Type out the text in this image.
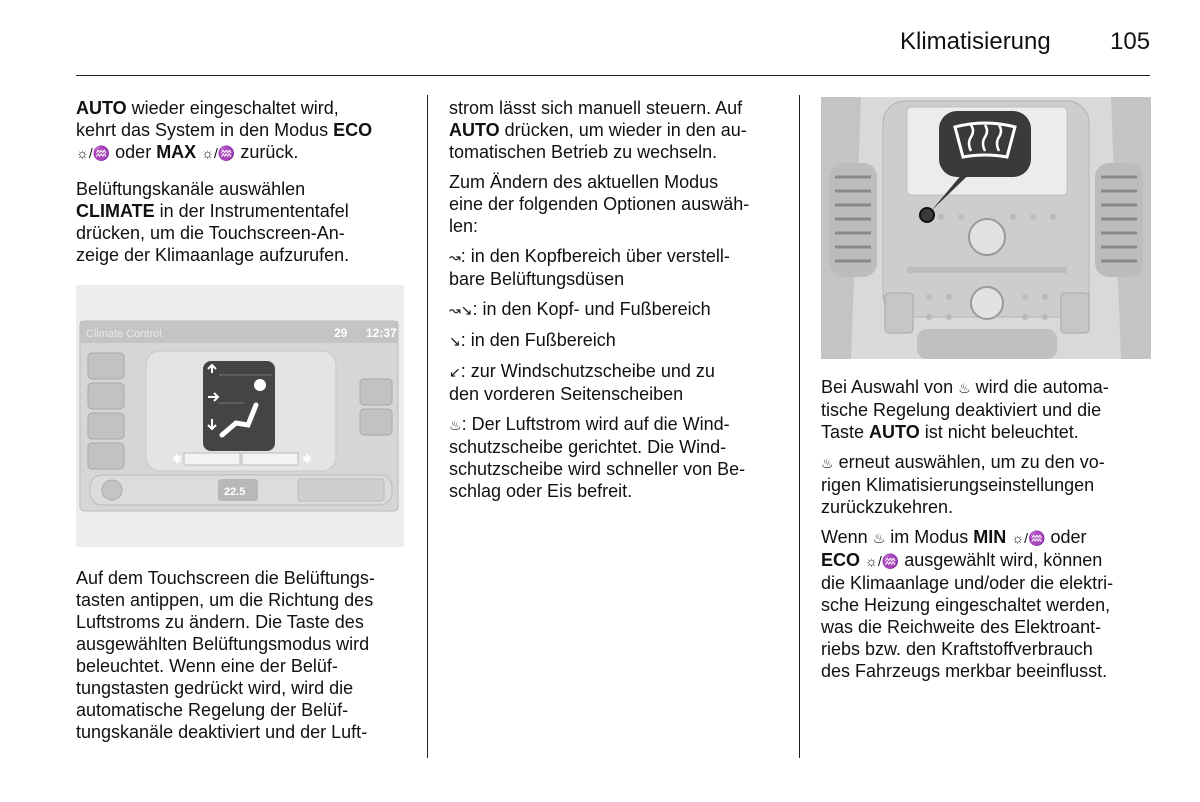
Klimatisierung 105

AUTO wieder eingeschaltet wird,
kehrt das System in den Modus ECO
☼/♒ oder MAX ☼/♒ zurück.

Belüftungskanäle auswählen

CLIMATE in der Instrumententafel
drücken, um die Touchscreen-An-
zeige der Klimaanlage aufzurufen.

Climate Control	29 12:37
✱	✱
22.5

Auf dem Touchscreen die Belüftungs-
tasten antippen, um die Richtung des
Luftstroms zu ändern. Die Taste des
ausgewählten Belüftungsmodus wird
beleuchtet. Wenn eine der Belüf-
tungstasten gedrückt wird, wird die
automatische Regelung der Belüf-
tungskanäle deaktiviert und der Luft-

strom lässt sich manuell steuern. Auf
AUTO drücken, um wieder in den au-
tomatischen Betrieb zu wechseln.

Zum Ändern des aktuellen Modus
eine der folgenden Optionen auswäh-
len:

↝: in den Kopfbereich über verstell-
bare Belüftungsdüsen

↝↘: in den Kopf- und Fußbereich

↘: in den Fußbereich

↙: zur Windschutzscheibe und zu
den vorderen Seitenscheiben

♨: Der Luftstrom wird auf die Wind-
schutzscheibe gerichtet. Die Wind-
schutzscheibe wird schneller von Be-
schlag oder Eis befreit.

Bei Auswahl von ♨ wird die automa-
tische Regelung deaktiviert und die
Taste AUTO ist nicht beleuchtet.

♨ erneut auswählen, um zu den vo-
rigen Klimatisierungseinstellungen
zurückzukehren.

Wenn ♨ im Modus MIN ☼/♒ oder
ECO ☼/♒ ausgewählt wird, können
die Klimaanlage und/oder die elektri-
sche Heizung eingeschaltet werden,
was die Reichweite des Elektroant-
riebs bzw. den Kraftstoffverbrauch
des Fahrzeugs merkbar beeinflusst.
